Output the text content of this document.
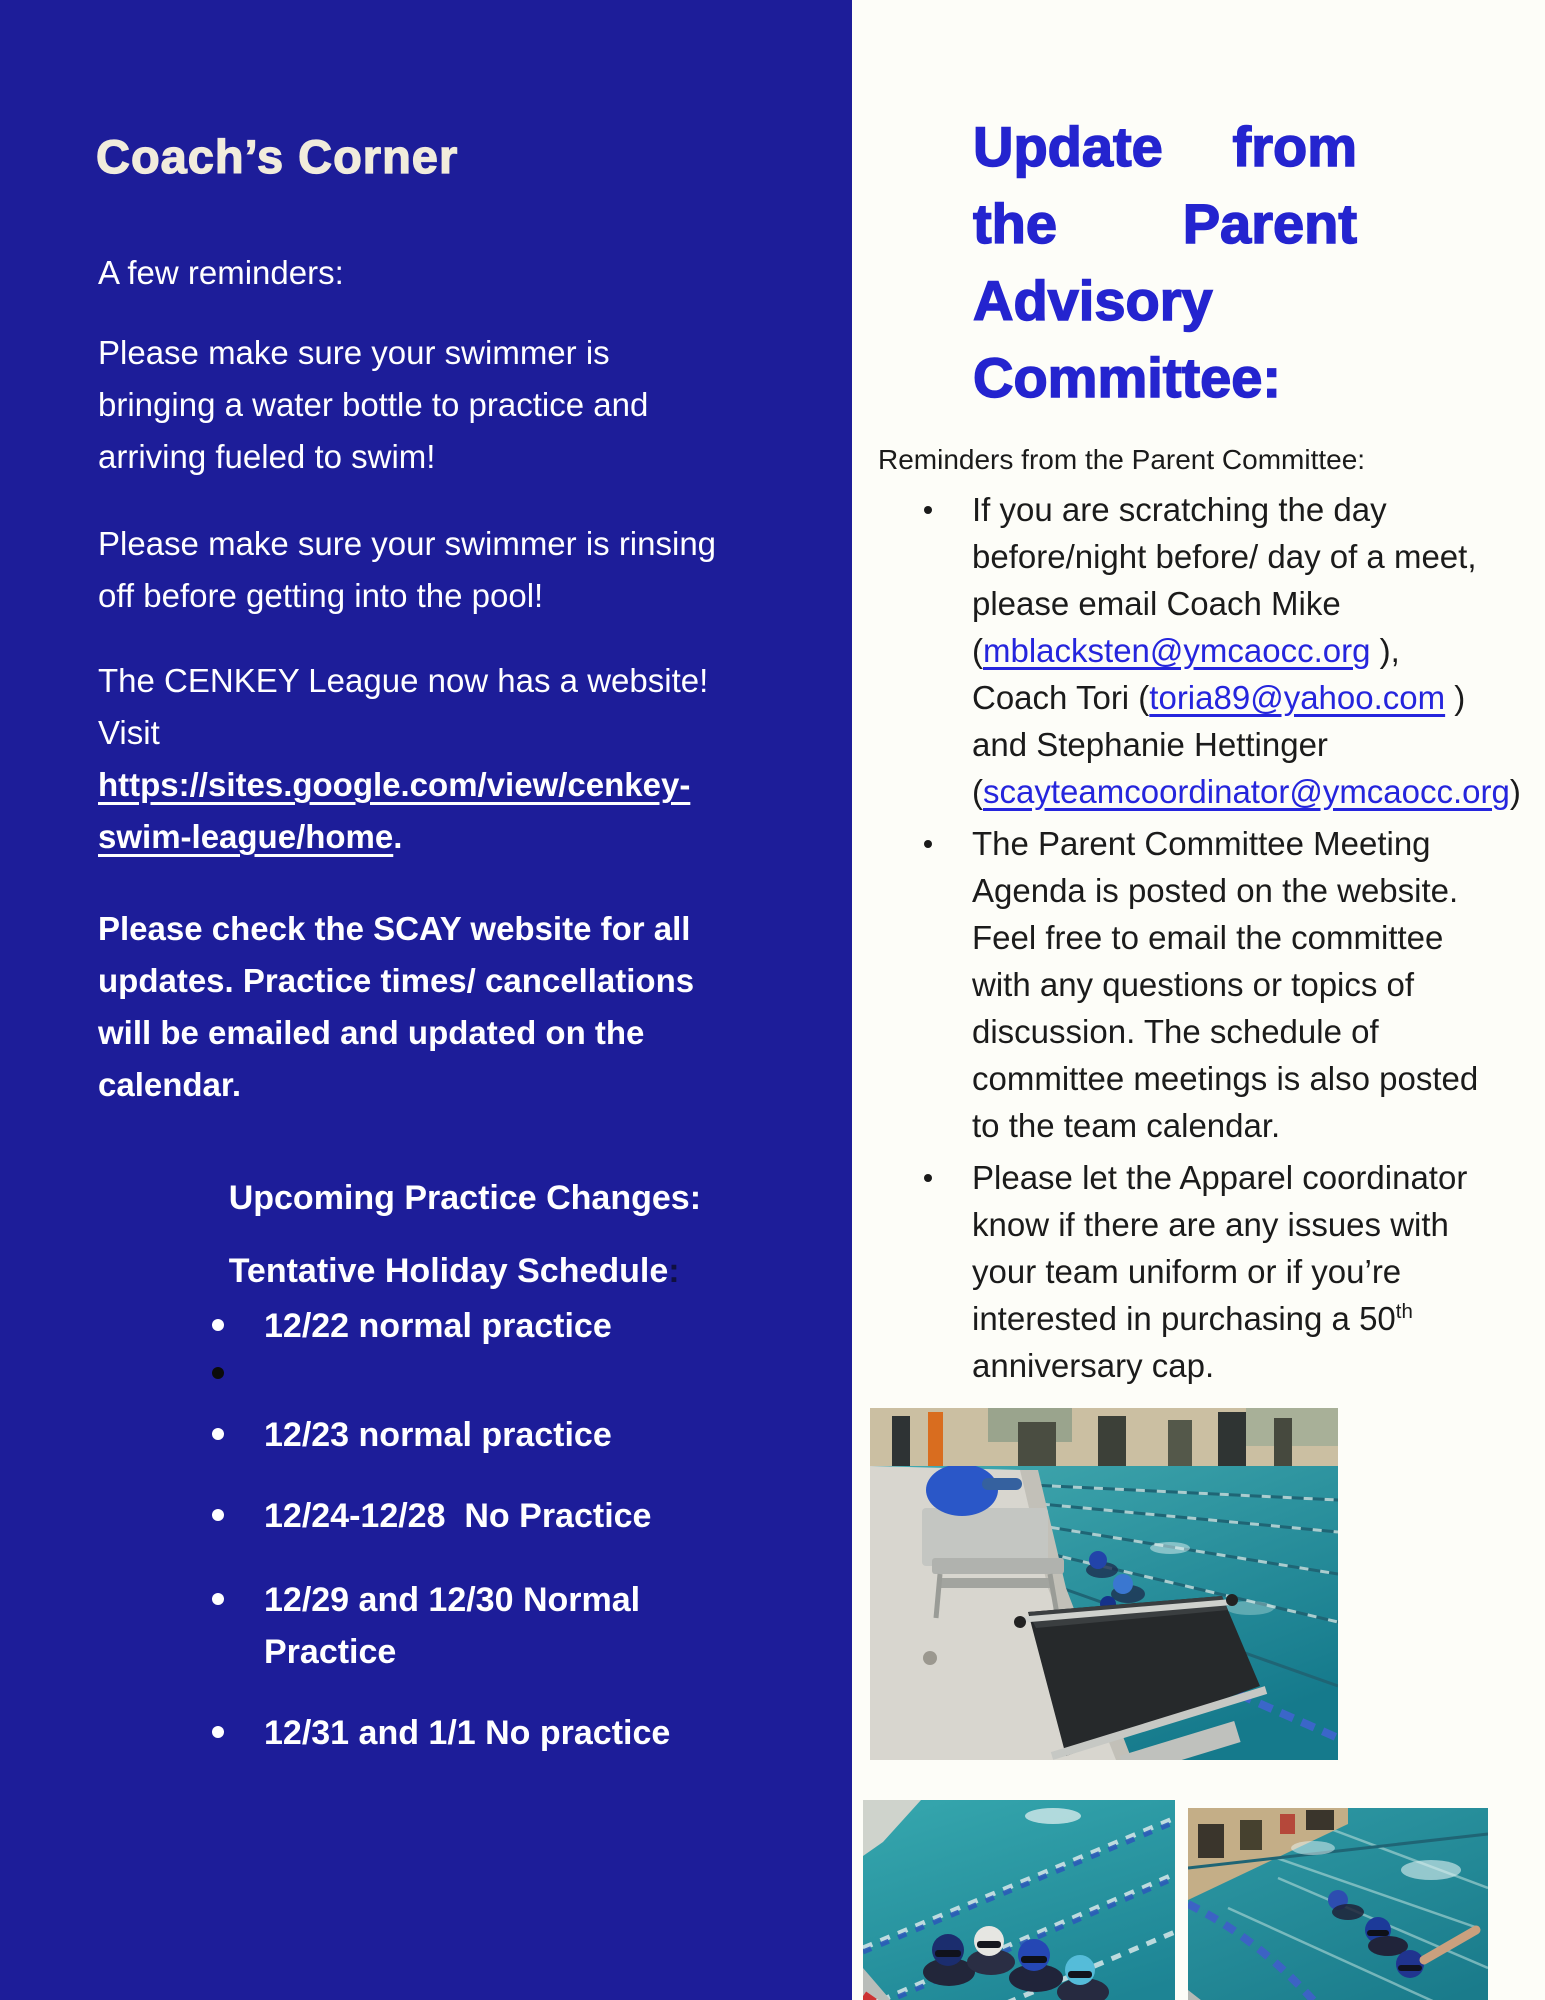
Coach’s Corner
A few reminders:
Please make sure your swimmer is
bringing a water bottle to practice and
arriving fueled to swim!
Please make sure your swimmer is rinsing
off before getting into the pool!
The CENKEY League now has a website!
Visit
https://sites.google.com/view/cenkey-
swim-league/home.
Please check the SCAY website for all
updates. Practice times/ cancellations
will be emailed and updated on the
calendar.

Upcoming Practice Changes:

Tentative Holiday Schedule:

12/22 normal practice
12/23 normal practice
12/24-12/28  No Practice
12/29 and 12/30 Normal
Practice
12/31 and 1/1 No practice
Update from
the Parent
Advisory
Committee:
Reminders from the Parent Committee:
If you are scratching the day before/night before/ day of a meet, please email Coach Mike (mblacksten@ymcaocc.org ), Coach Tori (toria89@yahoo.com ) and Stephanie Hettinger (scayteamcoordinator@ymcaocc.org)
The Parent Committee Meeting Agenda is posted on the website. Feel free to email the committee with any questions or topics of discussion. The schedule of committee meetings is also posted to the team calendar.
Please let the Apparel coordinator know if there are any issues with your team uniform or if you’re interested in purchasing a 50th anniversary cap.
